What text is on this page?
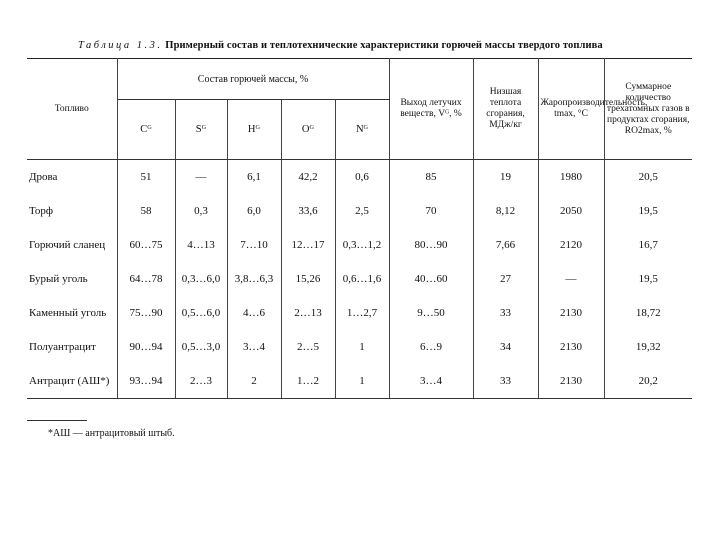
Таблица 1.3. Примерный состав и теплотехнические характеристики горючей массы твердого топлива
Топливо	Состав горючей массы, %					Выход летучих веществ, Vᴳ, %	Низшая теплота сгорания, МДж/кг	Жаропроизводительность, tmax, °C	Суммарное количество трехатомных газов в продуктах сгорания, RO2max, %
	Cᴳ	Sᴳ	Hᴳ	Oᴳ	Nᴳ				

Дрова	51	—	6,1	42,2	0,6	85	19	1980	20,5
Торф	58	0,3	6,0	33,6	2,5	70	8,12	2050	19,5
Горючий сланец	60…75	4…13	7…10	12…17	0,3…1,2	80…90	7,66	2120	16,7
Бурый уголь	64…78	0,3…6,0	3,8…6,3	15,26	0,6…1,6	40…60	27	—	19,5
Каменный уголь	75…90	0,5…6,0	4…6	2…13	1…2,7	9…50	33	2130	18,72
Полуантрацит	90…94	0,5…3,0	3…4	2…5	1	6…9	34	2130	19,32
Антрацит (АШ*)	93…94	2…3	2	1…2	1	3…4	33	2130	20,2
*АШ — антрацитовый штыб.
